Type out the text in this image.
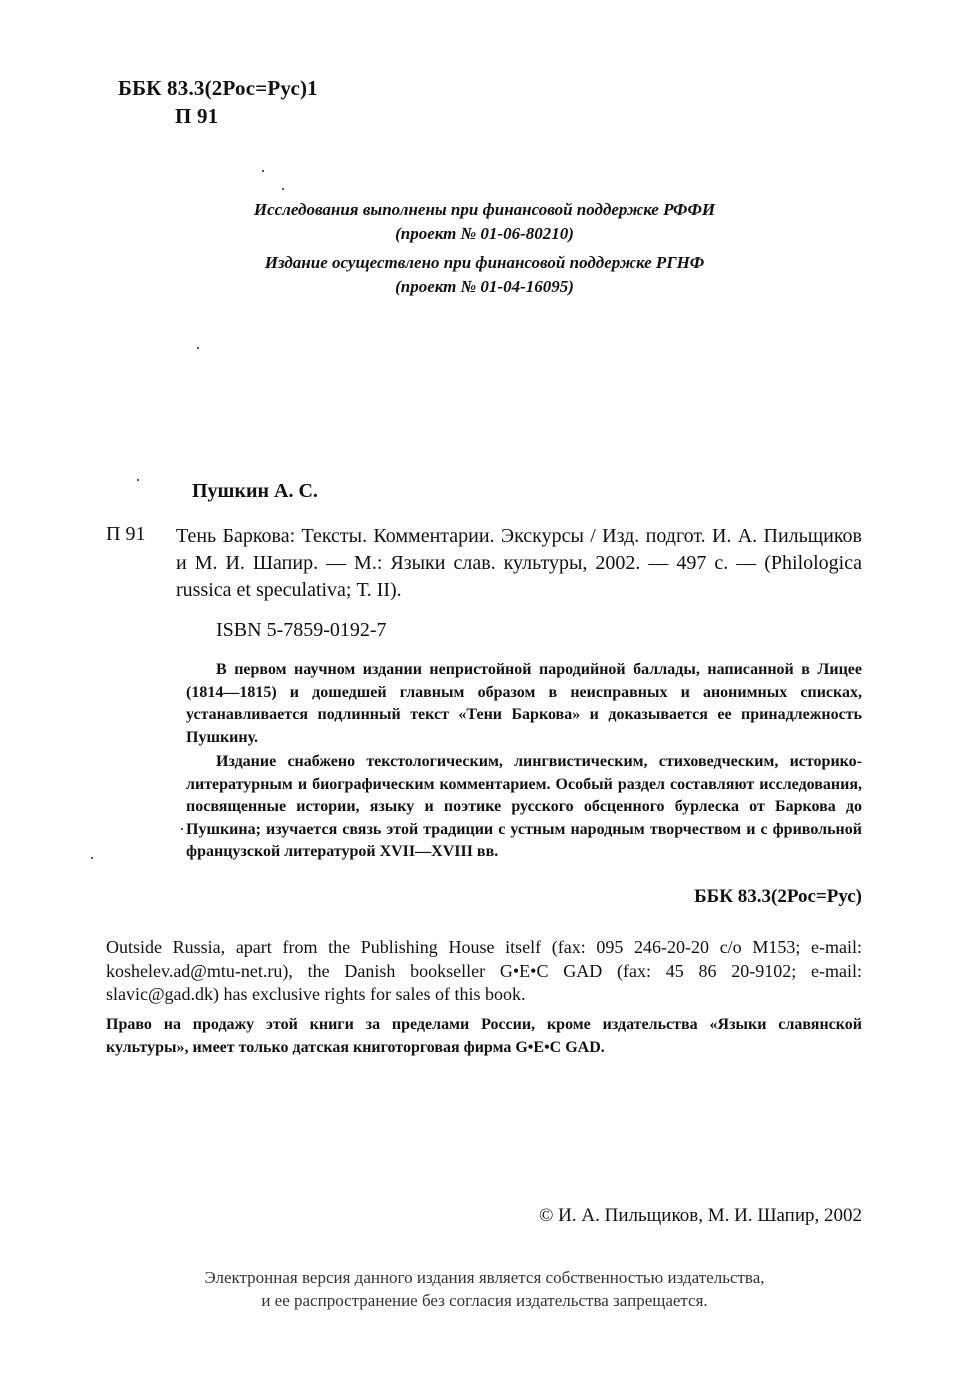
ББК 83.3(2Рос=Рус)1
П 91
Исследования выполнены при финансовой поддержке РФФИ
(проект № 01-06-80210)
Издание осуществлено при финансовой поддержке РГНФ
(проект № 01-04-16095)
Пушкин А. С.
П 91 Тень Баркова: Тексты. Комментарии. Экскурсы / Изд. подгот. И. А. Пильщиков и М. И. Шапир. — М.: Языки слав. культуры, 2002. — 497 с. — (Philologica russica et speculativa; Т. II).
ISBN 5-7859-0192-7

В первом научном издании непристойной пародийной баллады, написанной в Лицее (1814—1815) и дошедшей главным образом в неисправных и анонимных списках, устанавливается подлинный текст «Тени Баркова» и доказывается ее принадлежность Пушкину.

Издание снабжено текстологическим, лингвистическим, стиховедческим, историко-литературным и биографическим комментарием. Особый раздел составляют исследования, посвященные истории, языку и поэтике русского обсценного бурлеска от Баркова до Пушкина; изучается связь этой традиции с устным народным творчеством и с фривольной французской литературой XVII—XVIII вв.

ББК 83.3(2Рос=Рус)
Outside Russia, apart from the Publishing House itself (fax: 095 246-20-20 c/o M153; e-mail: koshelev.ad@mtu-net.ru), the Danish bookseller G•E•C GAD (fax: 45 86 20-9102; e-mail: slavic@gad.dk) has exclusive rights for sales of this book.
Право на продажу этой книги за пределами России, кроме издательства «Языки славянской культуры», имеет только датская книготорговая фирма G•E•C GAD.
© И. А. Пильщиков, М. И. Шапир, 2002
Электронная версия данного издания является собственностью издательства,
и ее распространение без согласия издательства запрещается.
